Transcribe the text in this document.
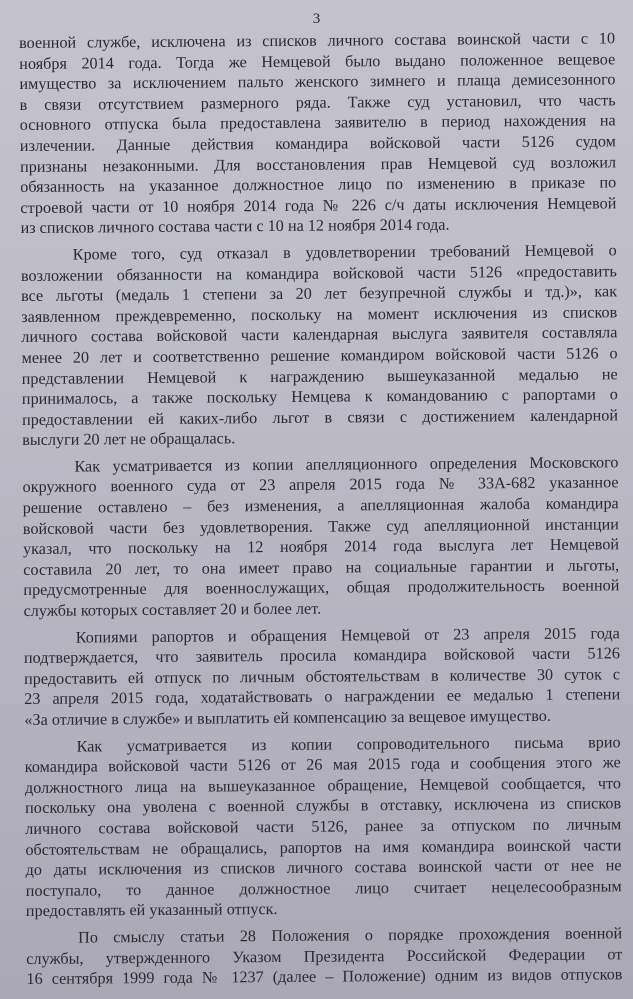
3

военной службе, исключена из списков личного состава воинской части с 10
ноября 2014 года. Тогда же Немцевой было выдано положенное вещевое
имущество за исключением пальто женского зимнего и плаща демисезонного
в связи отсутствием размерного ряда. Также суд установил, что часть
основного отпуска была предоставлена заявителю в период нахождения на
излечении. Данные действия командира войсковой части 5126 судом
признаны незаконными. Для восстановления прав Немцевой суд возложил
обязанность на указанное должностное лицо по изменению в приказе по
строевой части от 10 ноября 2014 года № 226 с/ч даты исключения Немцевой
из списков личного состава части с 10 на 12 ноября 2014 года.

Кроме того, суд отказал в удовлетворении требований Немцевой о
возложении обязанности на командира войсковой части 5126 «предоставить
все льготы (медаль 1 степени за 20 лет безупречной службы и тд.)», как
заявленном преждевременно, поскольку на момент исключения из списков
личного состава войсковой части календарная выслуга заявителя составляла
менее 20 лет и соответственно решение командиром войсковой части 5126 о
представлении Немцевой к награждению вышеуказанной медалью не
принималось, а также поскольку Немцева к командованию с рапортами о
предоставлении ей каких-либо льгот в связи с достижением календарной
выслуги 20 лет не обращалась.

Как усматривается из копии апелляционного определения Московского
окружного военного суда от 23 апреля 2015 года № 33А-682 указанное
решение оставлено – без изменения, а апелляционная жалоба командира
войсковой части без удовлетворения. Также суд апелляционной инстанции
указал, что поскольку на 12 ноября 2014 года выслуга лет Немцевой
составила 20 лет, то она имеет право на социальные гарантии и льготы,
предусмотренные для военнослужащих, общая продолжительность военной
службы которых составляет 20 и более лет.

Копиями рапортов и обращения Немцевой от 23 апреля 2015 года
подтверждается, что заявитель просила командира войсковой части 5126
предоставить ей отпуск по личным обстоятельствам в количестве 30 суток с
23 апреля 2015 года, ходатайствовать о награждении ее медалью 1 степени
«За отличие в службе» и выплатить ей компенсацию за вещевое имущество.

Как усматривается из копии сопроводительного письма врио
командира войсковой части 5126 от 26 мая 2015 года и сообщения этого же
должностного лица на вышеуказанное обращение, Немцевой сообщается, что
поскольку она уволена с военной службы в отставку, исключена из списков
личного состава войсковой части 5126, ранее за отпуском по личным
обстоятельствам не обращались, рапортов на имя командира воинской части
до даты исключения из списков личного состава воинской части от нее не
поступало, то данное должностное лицо считает нецелесообразным
предоставлять ей указанный отпуск.

По смыслу статьи 28 Положения о порядке прохождения военной
службы, утвержденного Указом Президента Российской Федерации от
16 сентября 1999 года № 1237 (далее – Положение) одним из видов отпусков
